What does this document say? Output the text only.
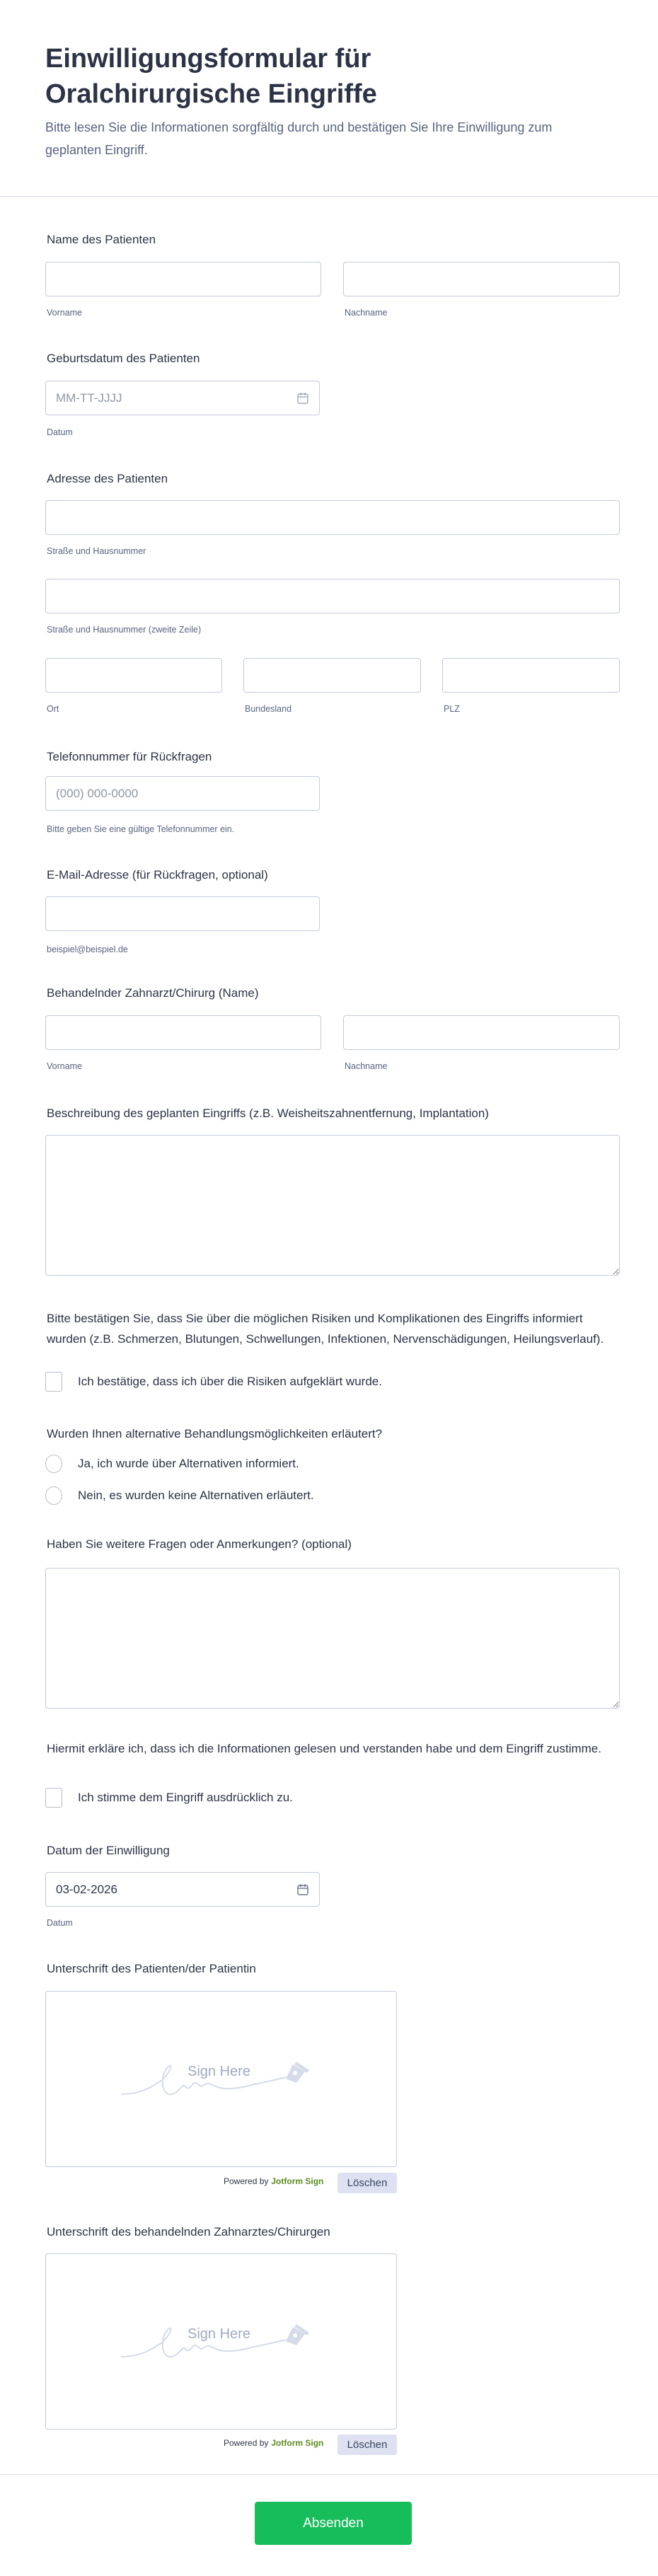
Einwilligungsformular für Oralchirurgische Eingriffe
Bitte lesen Sie die Informationen sorgfältig durch und bestätigen Sie Ihre Einwilligung zum geplanten Eingriff.
Name des Patienten
Vorname	Nachname
Geburtsdatum des Patienten
MM-TT-JJJJ
Datum
Adresse des Patienten
Straße und Hausnummer
Straße und Hausnummer (zweite Zeile)
Ort	Bundesland	PLZ
Telefonnummer für Rückfragen
(000) 000-0000
Bitte geben Sie eine gültige Telefonnummer ein.
E-Mail-Adresse (für Rückfragen, optional)
beispiel@beispiel.de
Behandelnder Zahnarzt/Chirurg (Name)
Vorname	Nachname
Beschreibung des geplanten Eingriffs (z.B. Weisheitszahnentfernung, Implantation)
Bitte bestätigen Sie, dass Sie über die möglichen Risiken und Komplikationen des Eingriffs informiert wurden (z.B. Schmerzen, Blutungen, Schwellungen, Infektionen, Nervenschädigungen, Heilungsverlauf).
Ich bestätige, dass ich über die Risiken aufgeklärt wurde.
Wurden Ihnen alternative Behandlungsmöglichkeiten erläutert?
Ja, ich wurde über Alternativen informiert.
Nein, es wurden keine Alternativen erläutert.
Haben Sie weitere Fragen oder Anmerkungen? (optional)
Hiermit erkläre ich, dass ich die Informationen gelesen und verstanden habe und dem Eingriff zustimme.
Ich stimme dem Eingriff ausdrücklich zu.
Datum der Einwilligung
03-02-2026
Datum
Unterschrift des Patienten/der Patientin
Sign Here
Powered by Jotform Sign	Löschen
Unterschrift des behandelnden Zahnarztes/Chirurgen
Sign Here
Powered by Jotform Sign	Löschen
Absenden
